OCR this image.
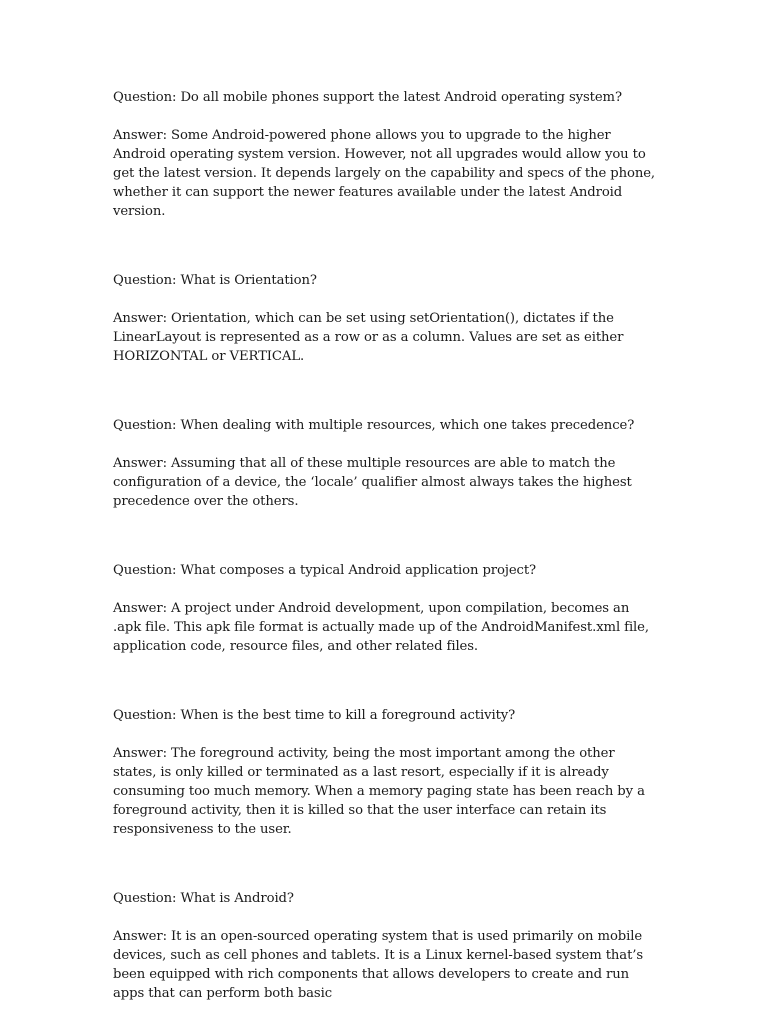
Question: Do all mobile phones support the latest Android operating system?

Answer: Some Android-powered phone allows you to upgrade to the higher Android operating system version. However, not all upgrades would allow you to get the latest version. It depends largely on the capability and specs of the phone, whether it can support the newer features available under the latest Android version.

Question: What is Orientation?

Answer: Orientation, which can be set using setOrientation(), dictates if the LinearLayout is represented as a row or as a column. Values are set as either HORIZONTAL or VERTICAL.

Question: When dealing with multiple resources, which one takes precedence?

Answer: Assuming that all of these multiple resources are able to match the configuration of a device, the ‘locale’ qualifier almost always takes the highest precedence over the others.

Question: What composes a typical Android application project?

Answer: A project under Android development, upon compilation, becomes an .apk file. This apk file format is actually made up of the AndroidManifest.xml file, application code, resource files, and other related files.

Question: When is the best time to kill a foreground activity?

Answer: The foreground activity, being the most important among the other states, is only killed or terminated as a last resort, especially if it is already consuming too much memory. When a memory paging state has been reach by a foreground activity, then it is killed so that the user interface can retain its responsiveness to the user.

Question: What is Android?

Answer: It is an open-sourced operating system that is used primarily on mobile devices, such as cell phones and tablets. It is a Linux kernel-based system that’s been equipped with rich components that allows developers to create and run apps that can perform both basic
